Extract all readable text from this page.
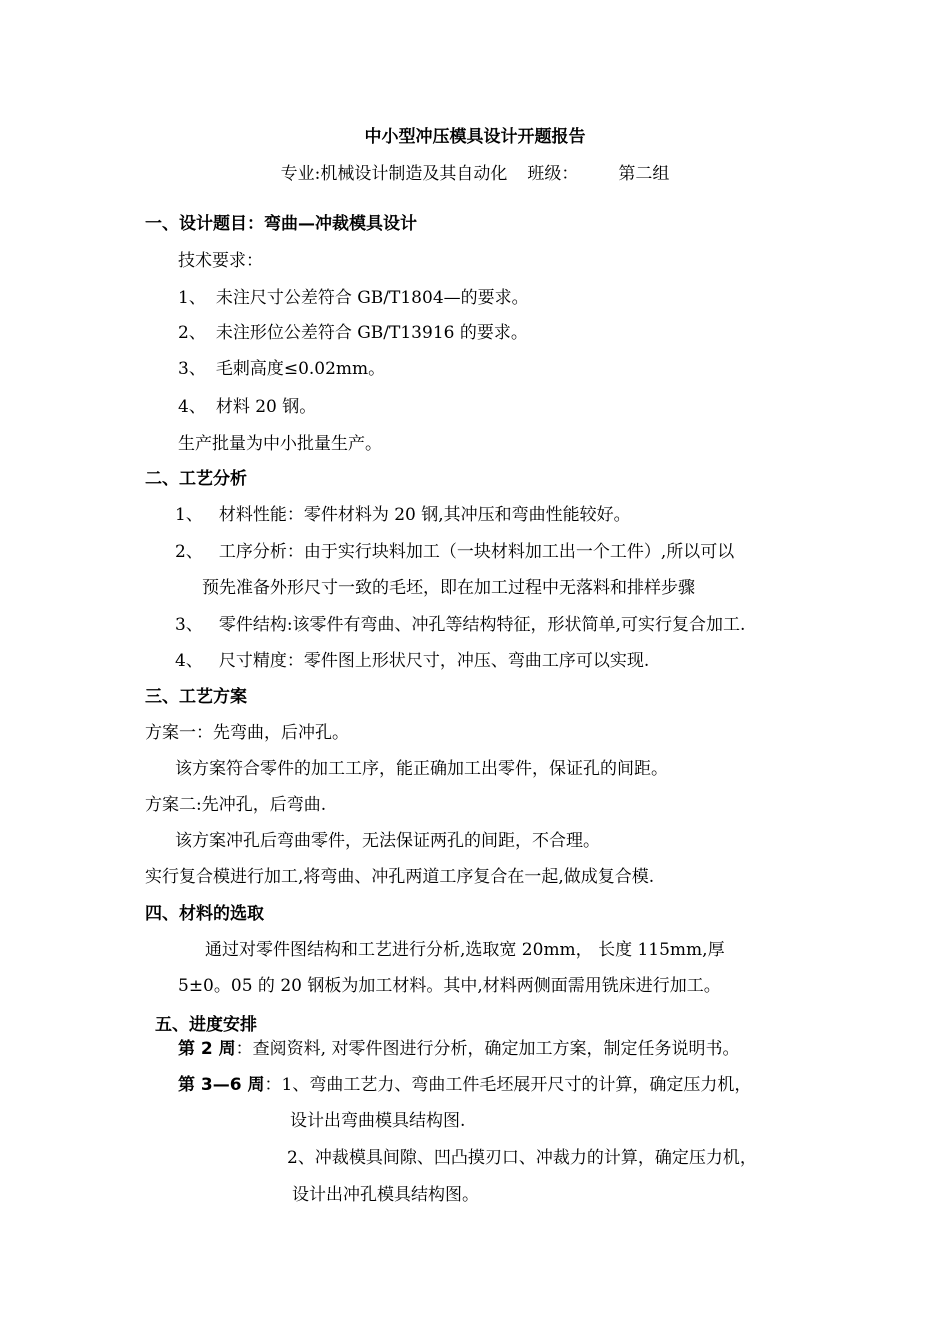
中小型冲压模具设计开题报告
专业:机械设计制造及其自动化 班级： 第二组
一、设计题目：弯曲—冲裁模具设计
技术要求：
1、 未注尺寸公差符合 GB/T1804—的要求。
2、 未注形位公差符合 GB/T13916 的要求。
3、 毛刺高度≤0.02mm。
4、 材料 20 钢。
生产批量为中小批量生产。
二、工艺分析
1、 材料性能：零件材料为 20 钢,其冲压和弯曲性能较好。
2、 工序分析：由于实行块料加工（一块材料加工出一个工件）,所以可以
预先准备外形尺寸一致的毛坯，即在加工过程中无落料和排样步骤
3、 零件结构:该零件有弯曲、冲孔等结构特征，形状简单,可实行复合加工.
4、 尺寸精度：零件图上形状尺寸，冲压、弯曲工序可以实现.
三、工艺方案
方案一：先弯曲，后冲孔。
该方案符合零件的加工工序，能正确加工出零件，保证孔的间距。
方案二:先冲孔，后弯曲.
该方案冲孔后弯曲零件，无法保证两孔的间距，不合理。
实行复合模进行加工,将弯曲、冲孔两道工序复合在一起,做成复合模.
四、材料的选取
通过对零件图结构和工艺进行分析,选取宽 20mm， 长度 115mm,厚
5±0。05 的 20 钢板为加工材料。其中,材料两侧面需用铣床进行加工。
五、进度安排
第 2 周：查阅资料, 对零件图进行分析，确定加工方案，制定任务说明书。
第 3—6 周：1、弯曲工艺力、弯曲工件毛坯展开尺寸的计算，确定压力机，
设计出弯曲模具结构图.
2、冲裁模具间隙、凹凸摸刃口、冲裁力的计算，确定压力机，
设计出冲孔模具结构图。
